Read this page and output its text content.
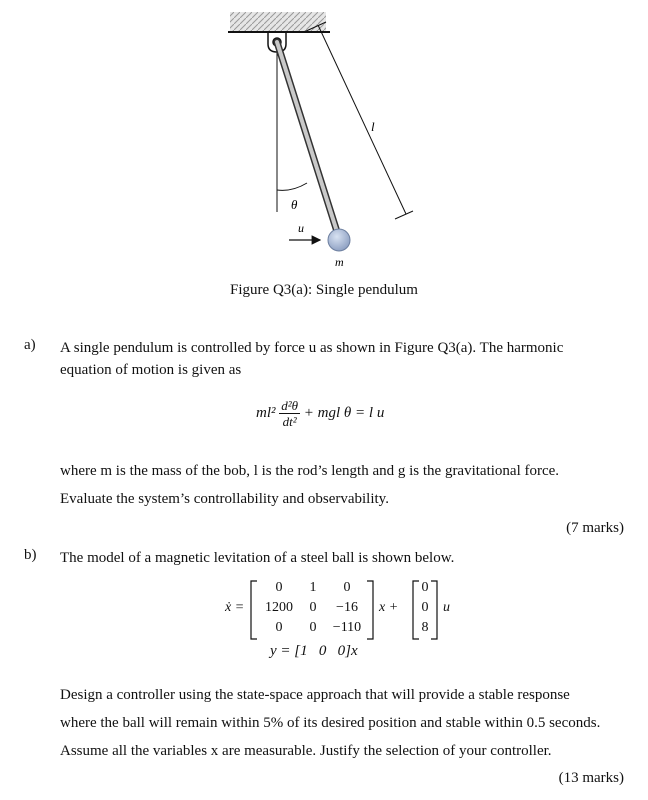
θ
u
m
l
Figure Q3(a): Single pendulum
a) A single pendulum is controlled by force u as shown in Figure Q3(a). The harmonic
equation of motion is given as
$ml^2 \frac{\text{d²θ}}{\text{dt²}}$ + mgl θ = l u
where m is the mass of the bob, l is the rod’s length and g is the gravitational force.
Evaluate the system’s controllability and observability.
(7 marks)
b) The model of a magnetic levitation of a steel ball is shown below.
ẋ =
0	1	0
1200	0	−16
0	0	−110
x +
0
0
8
u
y = [1   0   0]x
Design a controller using the state-space approach that will provide a stable response
where the ball will remain within 5% of its desired position and stable within 0.5 seconds.
Assume all the variables x are measurable. Justify the selection of your controller.
(13 marks)
